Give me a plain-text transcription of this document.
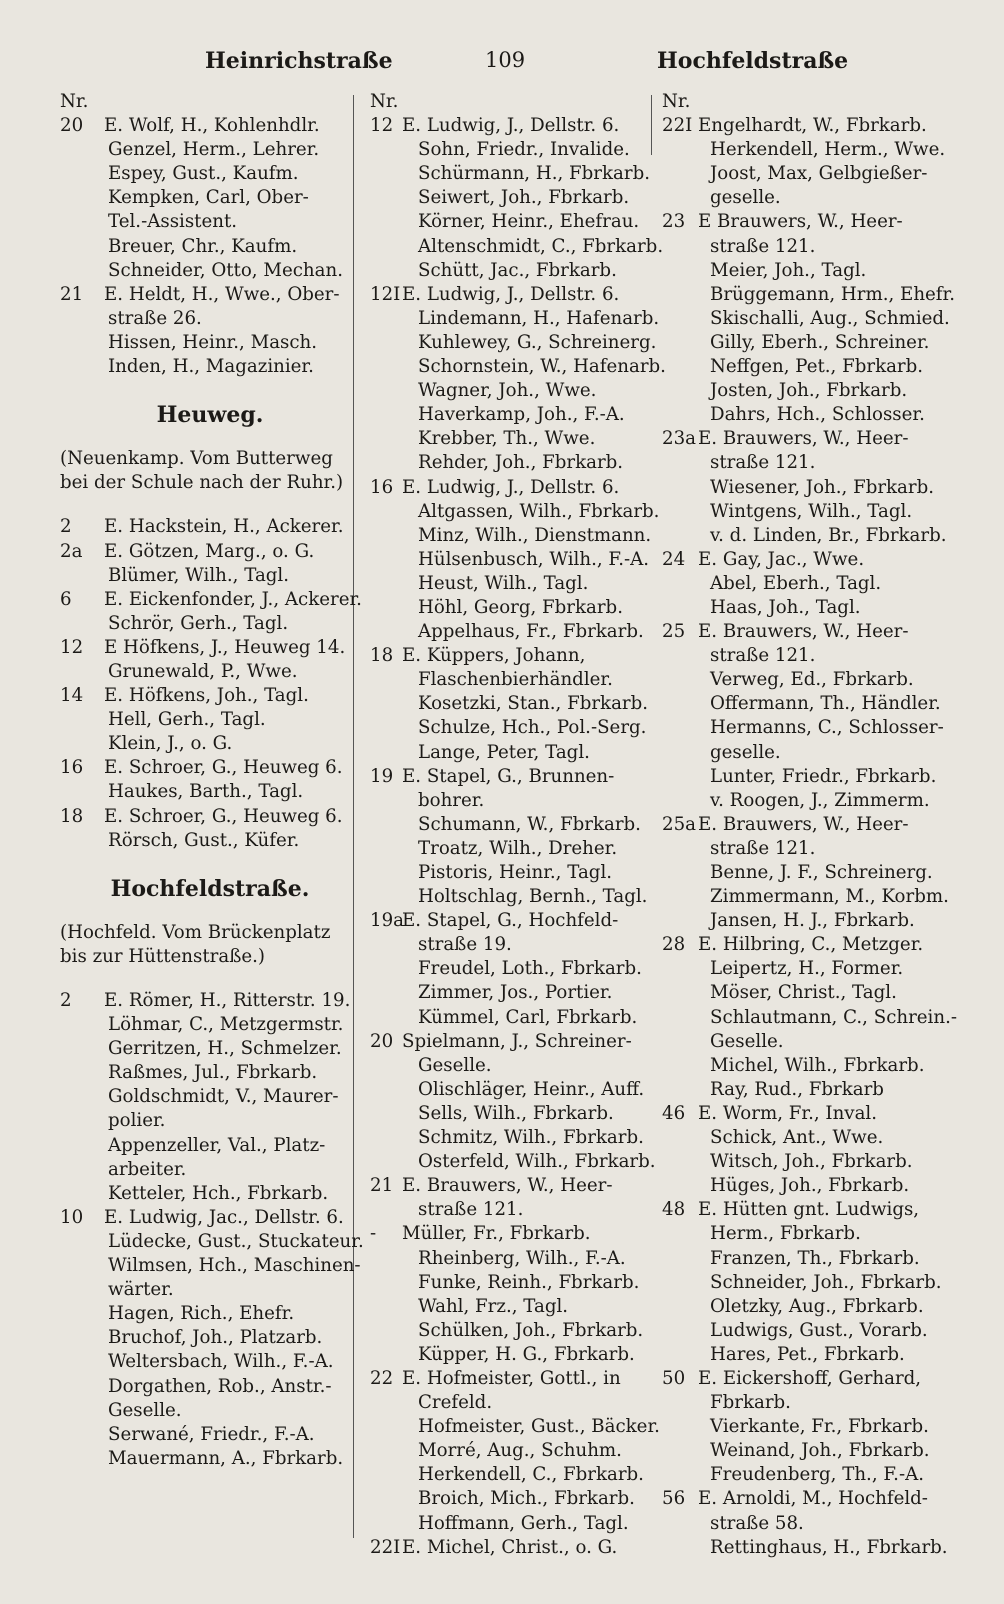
Heinrichstraße	109	Hochfeldstraße
Nr.
20 E. Wolf, H., Kohlenhdlr.
Genzel, Herm., Lehrer.
Espey, Gust., Kaufm.
Kempken, Carl, Ober-
Tel.-Assistent.
Breuer, Chr., Kaufm.
Schneider, Otto, Mechan.
21 E. Heldt, H., Wwe., Ober-
straße 26.
Hissen, Heinr., Masch.
Inden, H., Magazinier.
Heuweg.
(Neuenkamp. Vom Butterweg bei der Schule nach der Ruhr.)
2 E. Hackstein, H., Ackerer.
2a E. Götzen, Marg., o. G.
Blümer, Wilh., Tagl.
6 E. Eickenfonder, J., Ackerer.
Schrör, Gerh., Tagl.
12 E Höfkens, J., Heuweg 14.
Grunewald, P., Wwe.
14 E. Höfkens, Joh., Tagl.
Hell, Gerh., Tagl.
Klein, J., o. G.
16 E. Schroer, G., Heuweg 6.
Haukes, Barth., Tagl.
18 E. Schroer, G., Heuweg 6.
Rörsch, Gust., Küfer.
Hochfeldstraße.
(Hochfeld. Vom Brückenplatz bis zur Hüttenstraße.)
2 E. Römer, H., Ritterstr. 19.
Löhmar, C., Metzgermstr.
Gerritzen, H., Schmelzer.
Raßmes, Jul., Fbrkarb.
Goldschmidt, V., Maurer-
polier.
Appenzeller, Val., Platz-
arbeiter.
Ketteler, Hch., Fbrkarb.
10 E. Ludwig, Jac., Dellstr. 6.
Lüdecke, Gust., Stuckateur.
Wilmsen, Hch., Maschinen-
wärter.
Hagen, Rich., Ehefr.
Bruchof, Joh., Platzarb.
Weltersbach, Wilh., F.-A.
Dorgathen, Rob., Anstr.-
Geselle.
Serwané, Friedr., F.-A.
Mauermann, A., Fbrkarb.
Nr.
12 E. Ludwig, J., Dellstr. 6.
Sohn, Friedr., Invalide.
Schürmann, H., Fbrkarb.
Seiwert, Joh., Fbrkarb.
Körner, Heinr., Ehefrau.
Altenschmidt, C., Fbrkarb.
Schütt, Jac., Fbrkarb.
12IE. Ludwig, J., Dellstr. 6.
Lindemann, H., Hafenarb.
Kuhlewey, G., Schreinerg.
Schornstein, W., Hafenarb.
Wagner, Joh., Wwe.
Haverkamp, Joh., F.-A.
Krebber, Th., Wwe.
Rehder, Joh., Fbrkarb.
16 E. Ludwig, J., Dellstr. 6.
Altgassen, Wilh., Fbrkarb.
Minz, Wilh., Dienstmann.
Hülsenbusch, Wilh., F.-A.
Heust, Wilh., Tagl.
Höhl, Georg, Fbrkarb.
Appelhaus, Fr., Fbrkarb.
18 E. Küppers, Johann,
Flaschenbierhändler.
Kosetzki, Stan., Fbrkarb.
Schulze, Hch., Pol.-Serg.
Lange, Peter, Tagl.
19 E. Stapel, G., Brunnen-
bohrer.
Schumann, W., Fbrkarb.
Troatz, Wilh., Dreher.
Pistoris, Heinr., Tagl.
Holtschlag, Bernh., Tagl.
19aE. Stapel, G., Hochfeld-
straße 19.
Freudel, Loth., Fbrkarb.
Zimmer, Jos., Portier.
Kümmel, Carl, Fbrkarb.
20 Spielmann, J., Schreiner-
Geselle.
Olischläger, Heinr., Auff.
Sells, Wilh., Fbrkarb.
Schmitz, Wilh., Fbrkarb.
Osterfeld, Wilh., Fbrkarb.
21 E. Brauwers, W., Heer-
straße 121.
- Müller, Fr., Fbrkarb.
Rheinberg, Wilh., F.-A.
Funke, Reinh., Fbrkarb.
Wahl, Frz., Tagl.
Schülken, Joh., Fbrkarb.
Küpper, H. G., Fbrkarb.
22 E. Hofmeister, Gottl., in
Crefeld.
Hofmeister, Gust., Bäcker.
Morré, Aug., Schuhm.
Herkendell, C., Fbrkarb.
Broich, Mich., Fbrkarb.
Hoffmann, Gerh., Tagl.
22IE. Michel, Christ., o. G.
Nr.
22I Engelhardt, W., Fbrkarb.
Herkendell, Herm., Wwe.
Joost, Max, Gelbgießer-
geselle.
23 E Brauwers, W., Heer-
straße 121.
Meier, Joh., Tagl.
Brüggemann, Hrm., Ehefr.
Skischalli, Aug., Schmied.
Gilly, Eberh., Schreiner.
Neffgen, Pet., Fbrkarb.
Josten, Joh., Fbrkarb.
Dahrs, Hch., Schlosser.
23a E. Brauwers, W., Heer-
straße 121.
Wiesener, Joh., Fbrkarb.
Wintgens, Wilh., Tagl.
v. d. Linden, Br., Fbrkarb.
24 E. Gay, Jac., Wwe.
Abel, Eberh., Tagl.
Haas, Joh., Tagl.
25 E. Brauwers, W., Heer-
straße 121.
Verweg, Ed., Fbrkarb.
Offermann, Th., Händler.
Hermanns, C., Schlosser-
geselle.
Lunter, Friedr., Fbrkarb.
v. Roogen, J., Zimmerm.
25a E. Brauwers, W., Heer-
straße 121.
Benne, J. F., Schreinerg.
Zimmermann, M., Korbm.
Jansen, H. J., Fbrkarb.
28 E. Hilbring, C., Metzger.
Leipertz, H., Former.
Möser, Christ., Tagl.
Schlautmann, C., Schrein.-
Geselle.
Michel, Wilh., Fbrkarb.
Ray, Rud., Fbrkarb
46 E. Worm, Fr., Inval.
Schick, Ant., Wwe.
Witsch, Joh., Fbrkarb.
Hüges, Joh., Fbrkarb.
48 E. Hütten gnt. Ludwigs,
Herm., Fbrkarb.
Franzen, Th., Fbrkarb.
Schneider, Joh., Fbrkarb.
Oletzky, Aug., Fbrkarb.
Ludwigs, Gust., Vorarb.
Hares, Pet., Fbrkarb.
50 E. Eickershoff, Gerhard,
Fbrkarb.
Vierkante, Fr., Fbrkarb.
Weinand, Joh., Fbrkarb.
Freudenberg, Th., F.-A.
56 E. Arnoldi, M., Hochfeld-
straße 58.
Rettinghaus, H., Fbrkarb.
